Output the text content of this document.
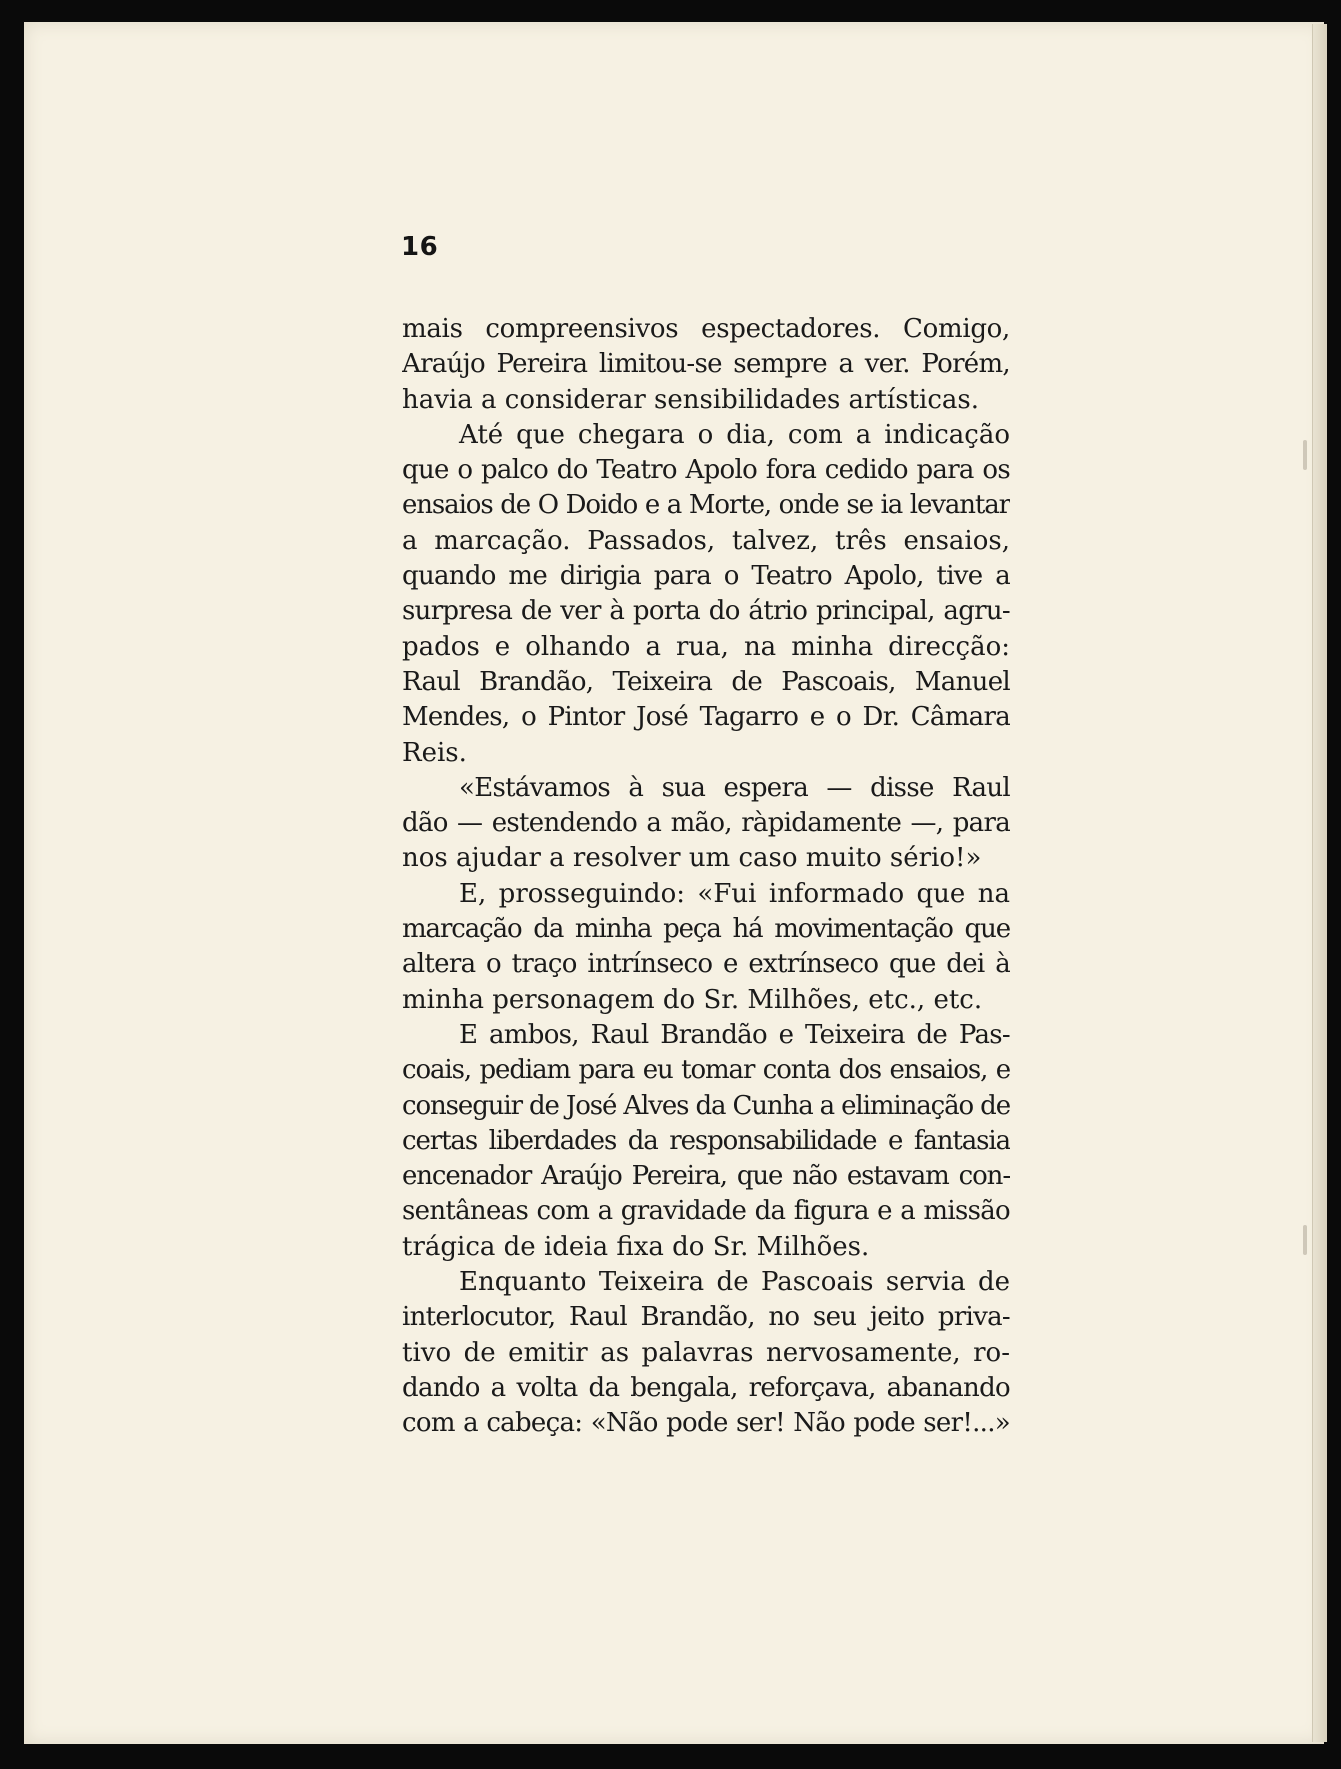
16
mais compreensivos espectadores. Comigo,
Araújo Pereira limitou-se sempre a ver. Porém,
havia a considerar sensibilidades artísticas.
Até que chegara o dia, com a indicação
que o palco do Teatro Apolo fora cedido para os
ensaios de O Doido e a Morte, onde se ia levantar
a marcação. Passados, talvez, três ensaios,
quando me dirigia para o Teatro Apolo, tive a
surpresa de ver à porta do átrio principal, agru-
pados e olhando a rua, na minha direcção:
Raul Brandão, Teixeira de Pascoais, Manuel
Mendes, o Pintor José Tagarro e o Dr. Câmara
Reis.
«Estávamos à sua espera — disse Raul
dão — estendendo a mão, ràpidamente —, para
nos ajudar a resolver um caso muito sério!»
E, prosseguindo: «Fui informado que na
marcação da minha peça há movimentação que
altera o traço intrínseco e extrínseco que dei à
minha personagem do Sr. Milhões, etc., etc.
E ambos, Raul Brandão e Teixeira de Pas-
coais, pediam para eu tomar conta dos ensaios, e
conseguir de José Alves da Cunha a eliminação de
certas liberdades da responsabilidade e fantasia
encenador Araújo Pereira, que não estavam con-
sentâneas com a gravidade da figura e a missão
trágica de ideia fixa do Sr. Milhões.
Enquanto Teixeira de Pascoais servia de
interlocutor, Raul Brandão, no seu jeito priva-
tivo de emitir as palavras nervosamente, ro-
dando a volta da bengala, reforçava, abanando
com a cabeça: «Não pode ser! Não pode ser!...»
